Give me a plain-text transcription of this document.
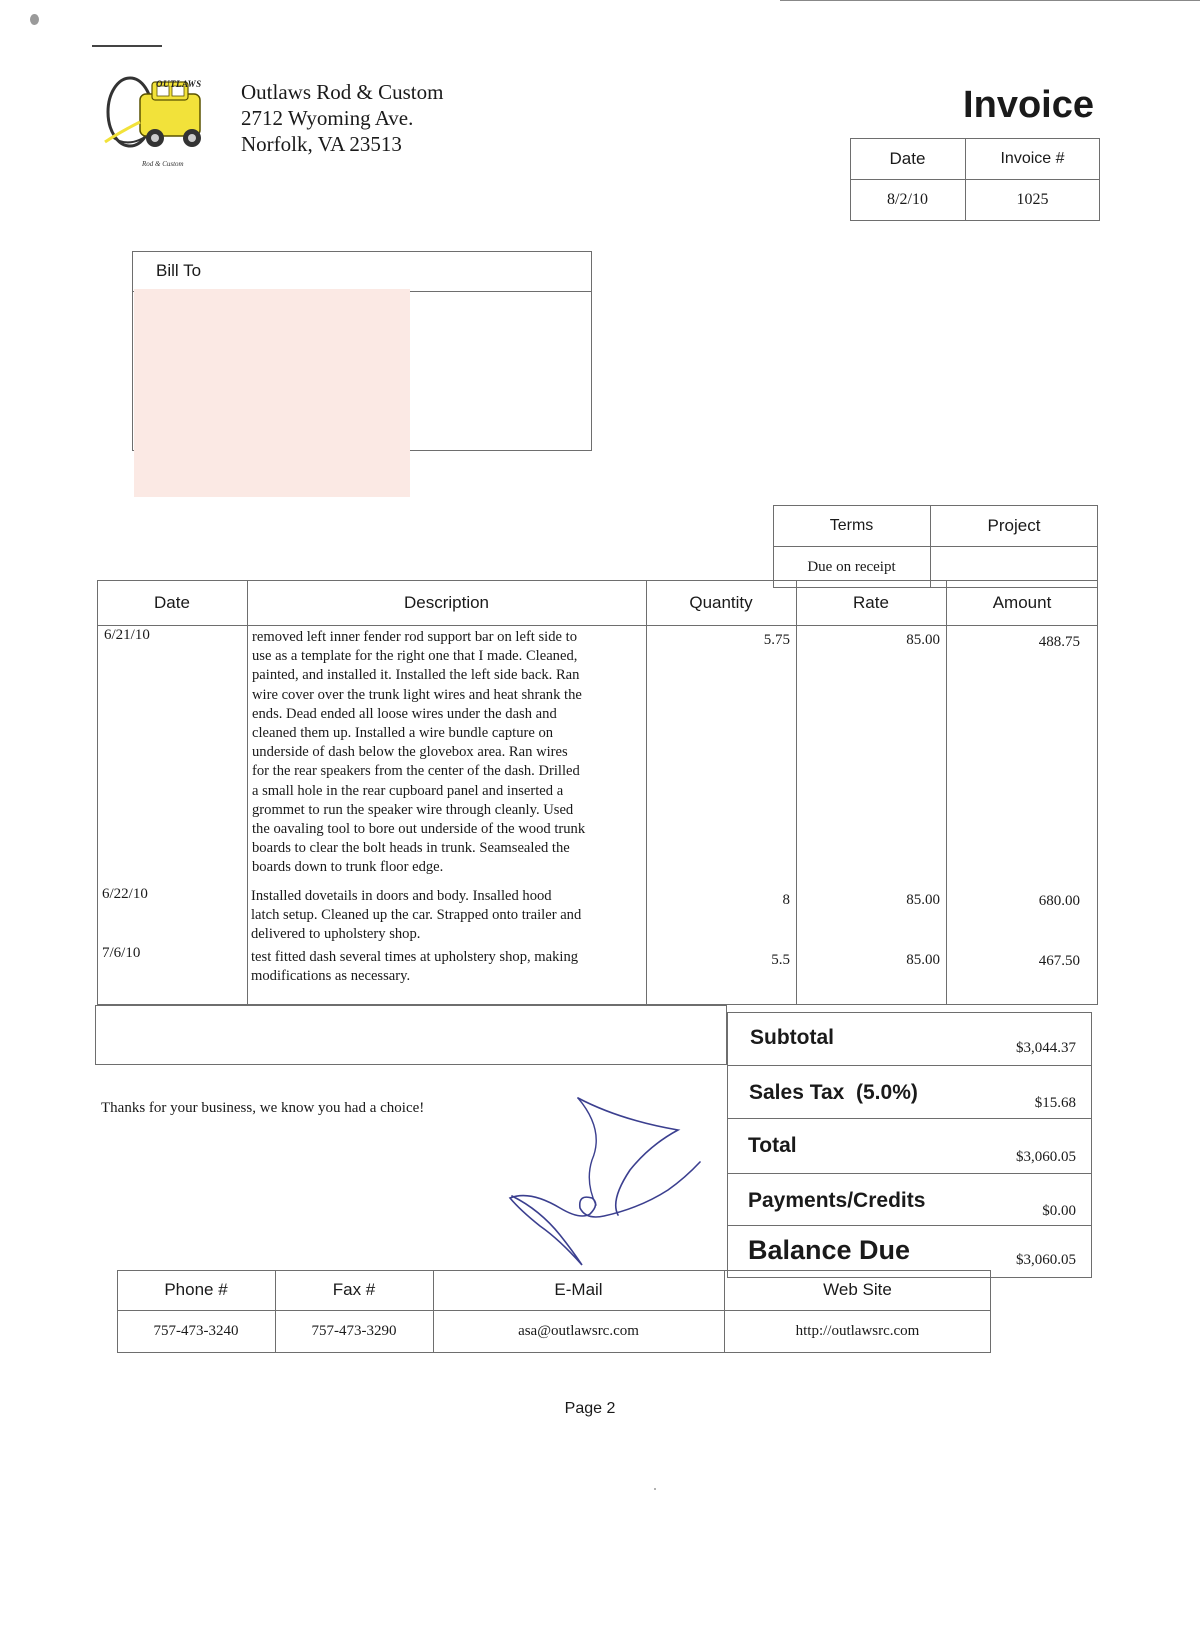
OUTLAWS
Rod & Custom
Outlaws Rod & Custom
2712 Wyoming Ave.
Norfolk, VA 23513
Invoice
Date	Invoice #
8/2/10	1025
Bill To
Terms	Project
Due on receipt
Date	Description	Quantity	Rate	Amount
6/21/10	removed left inner fender rod support bar on left side to
use as a template for the right one that I made. Cleaned,
painted, and installed it. Installed the left side back. Ran
wire cover over the trunk light wires and heat shrank the
ends. Dead ended all loose wires under the dash and
cleaned them up. Installed a wire bundle capture on
underside of dash below the glovebox area. Ran wires
for the rear speakers from the center of the dash. Drilled
a small hole in the rear cupboard panel and inserted a
grommet to run the speaker wire through cleanly. Used
the oavaling tool to bore out underside of the wood trunk
boards to clear the bolt heads in trunk. Seamsealed the
boards down to trunk floor edge.
5.75	85.00	488.75
6/22/10	Installed dovetails in doors and body. Insalled hood
latch setup. Cleaned up the car. Strapped onto trailer and
delivered to upholstery shop.
8	85.00	680.00
7/6/10	test fitted dash several times at upholstery shop, making
modifications as necessary.
5.5	85.00	467.50
Subtotal	$3,044.37
Sales Tax  (5.0%)	$15.68
Total	$3,060.05
Payments/Credits	$0.00
Balance Due	$3,060.05
Thanks for your business, we know you had a choice!
Phone #	Fax #	E-Mail	Web Site
757-473-3240	757-473-3290	asa@outlawsrc.com	http://outlawsrc.com
Page 2
